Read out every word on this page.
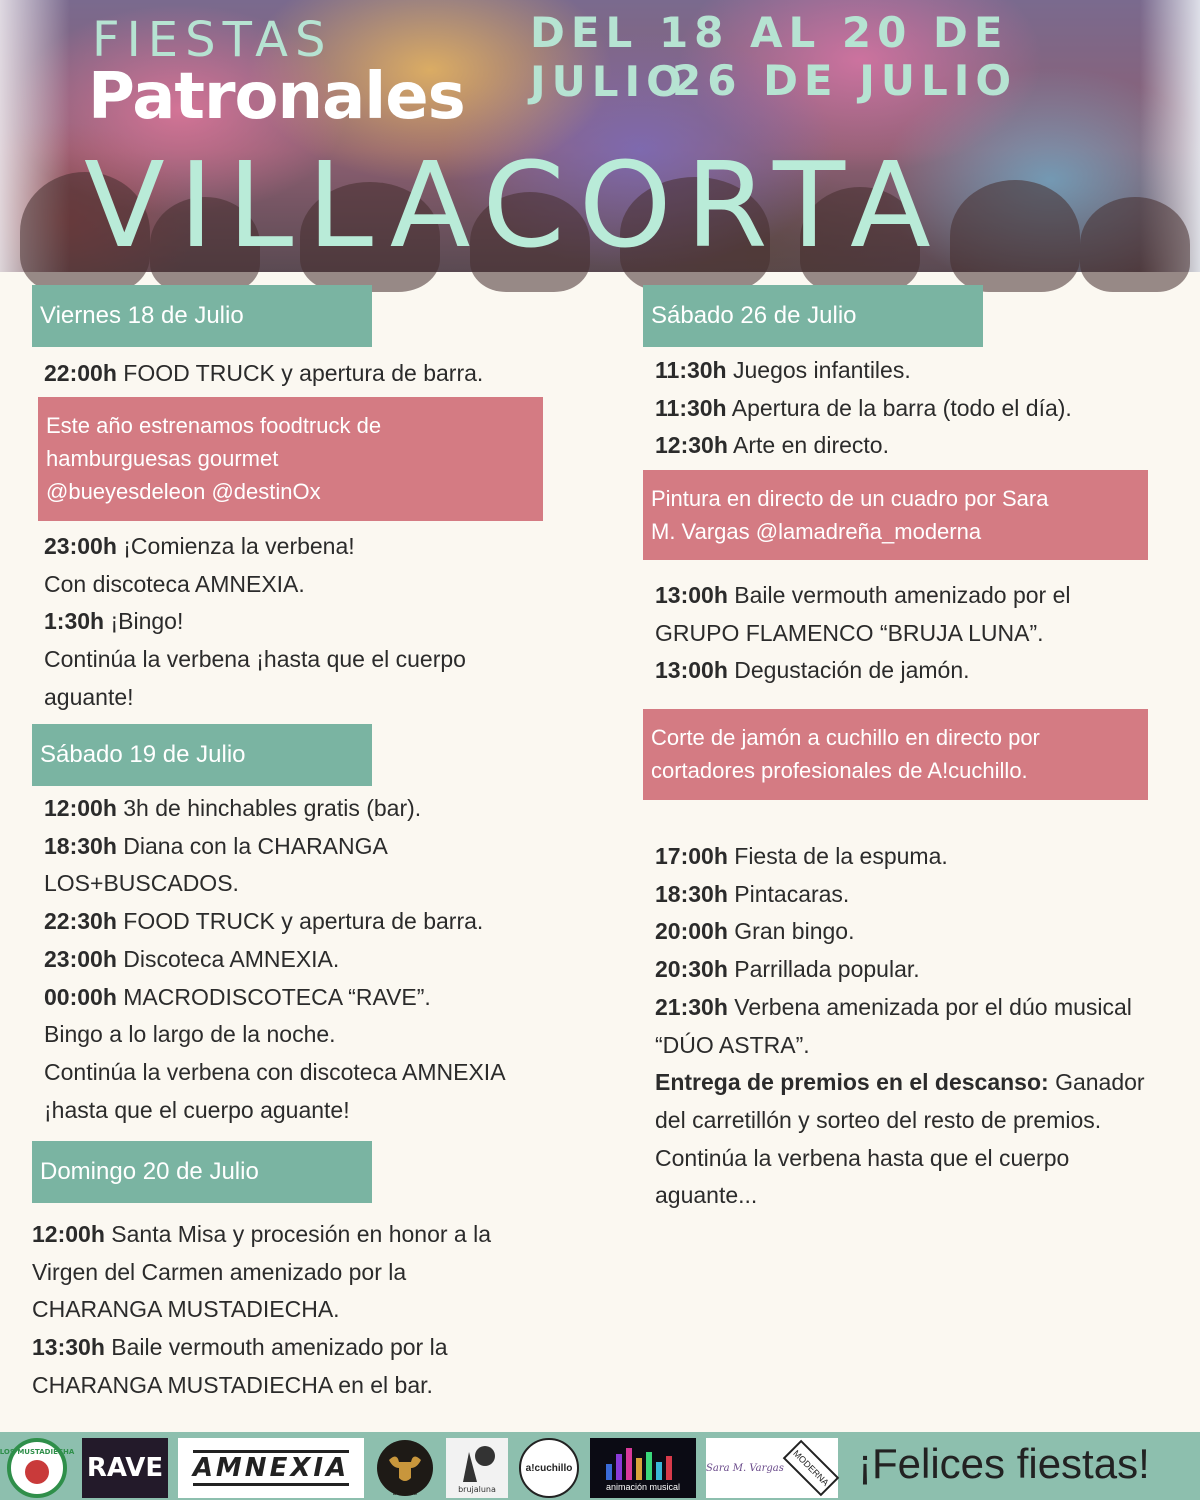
FIESTAS
Patronales
DEL 18 AL 20 DE JULIO
26 DE JULIO
VILLACORTA
Viernes 18 de Julio
22:00h FOOD TRUCK y apertura de barra.
Este año estrenamos foodtruck de
hamburguesas gourmet
@bueyesdeleon @destinOx
23:00h ¡Comienza la verbena!
Con discoteca AMNEXIA.
1:30h ¡Bingo!
Continúa la verbena ¡hasta que el cuerpo
aguante!
Sábado 19 de Julio
12:00h 3h de hinchables gratis (bar).
18:30h Diana con la CHARANGA
LOS+BUSCADOS.
22:30h FOOD TRUCK y apertura de barra.
23:00h Discoteca AMNEXIA.
00:00h MACRODISCOTECA “RAVE”.
Bingo a lo largo de la noche.
Continúa la verbena con discoteca AMNEXIA
¡hasta que el cuerpo aguante!
Domingo 20 de Julio
12:00h Santa Misa y procesión en honor a la
Virgen del Carmen amenizado por la
CHARANGA MUSTADIECHA.
13:30h Baile vermouth amenizado por la
CHARANGA MUSTADIECHA en el bar.
Sábado 26 de Julio
11:30h Juegos infantiles.
11:30h Apertura de la barra (todo el día).
12:30h Arte en directo.
Pintura en directo de un cuadro por Sara
M. Vargas @lamadreña_moderna
13:00h Baile vermouth amenizado por el
GRUPO FLAMENCO “BRUJA LUNA”.
13:00h Degustación de jamón.
Corte de jamón a cuchillo en directo por
cortadores profesionales de A!cuchillo.
17:00h Fiesta de la espuma.
18:30h Pintacaras.
20:00h Gran bingo.
20:30h Parrillada popular.
21:30h Verbena amenizada por el dúo musical
“DÚO ASTRA”.
Entrega de premios en el descanso: Ganador
del carretillón y sorteo del resto de premios.
Continúa la verbena hasta que el cuerpo
aguante...
LOS MUSTADIECHA
RAVE AMNEXIA
BUEYES	brujaluna
a!cuchillo
animación musical
Sara M. Vargas MODERNA ¡Felices fiestas!
